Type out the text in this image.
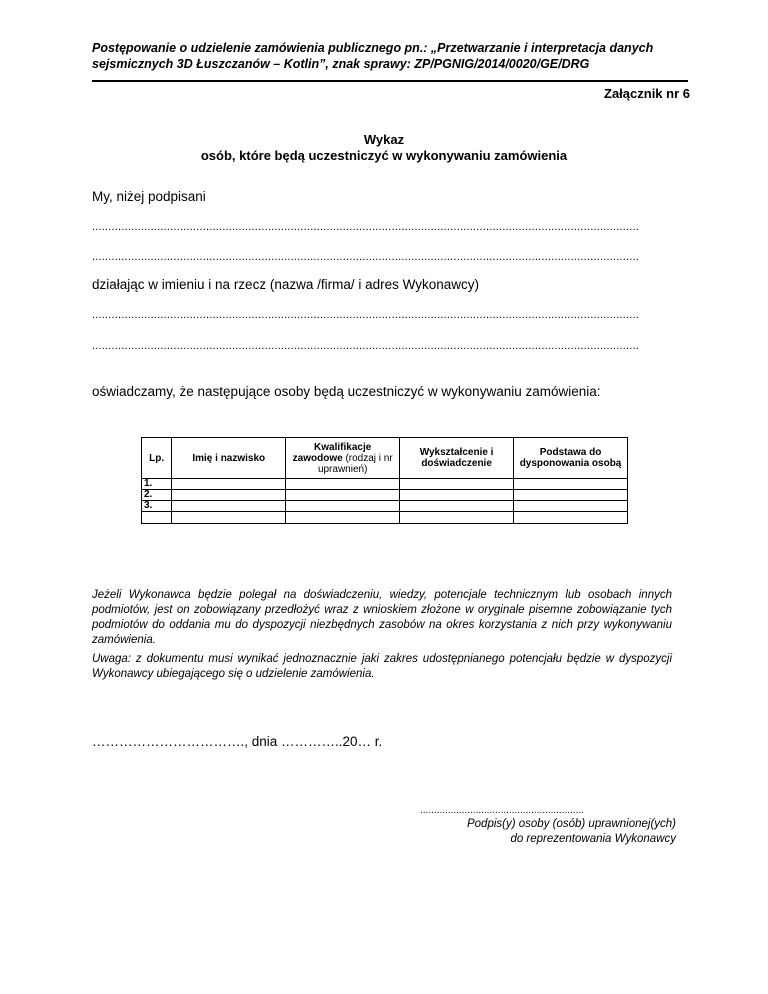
Postępowanie o udzielenie zamówienia publicznego pn.: „Przetwarzanie i interpretacja danych
sejsmicznych 3D Łuszczanów – Kotlin”, znak sprawy: ZP/PGNIG/2014/0020/GE/DRG
Załącznik nr 6
Wykaz
osób, które będą uczestniczyć w wykonywaniu zamówienia
My, niżej podpisani
........................................................................................................................................................................
........................................................................................................................................................................
działając w imieniu i na rzecz (nazwa /firma/ i adres Wykonawcy)
........................................................................................................................................................................
........................................................................................................................................................................
oświadczamy, że następujące osoby będą uczestniczyć w wykonywaniu zamówienia:
Lp.	Imię i nazwisko	Kwalifikacje zawodowe (rodzaj i nr uprawnień)	Wykształcenie i doświadczenie	Podstawa do dysponowania osobą
1.				
2.				
3.				

Jeżeli Wykonawca będzie polegał na doświadczeniu, wiedzy, potencjale technicznym lub osobach innych podmiotów, jest on zobowiązany przedłożyć wraz z wnioskiem złożone w oryginale pisemne zobowiązanie tych podmiotów do oddania mu do dyspozycji niezbędnych zasobów na okres korzystania z nich przy wykonywaniu zamówienia.
Uwaga: z dokumentu musi wynikać jednoznacznie jaki zakres udostępnianego potencjału będzie w dyspozycji Wykonawcy ubiegającego się o udzielenie zamówienia.
……………………………., dnia …………..20… r.
...........................................................
Podpis(y) osoby (osób) uprawnionej(ych)
do reprezentowania Wykonawcy
